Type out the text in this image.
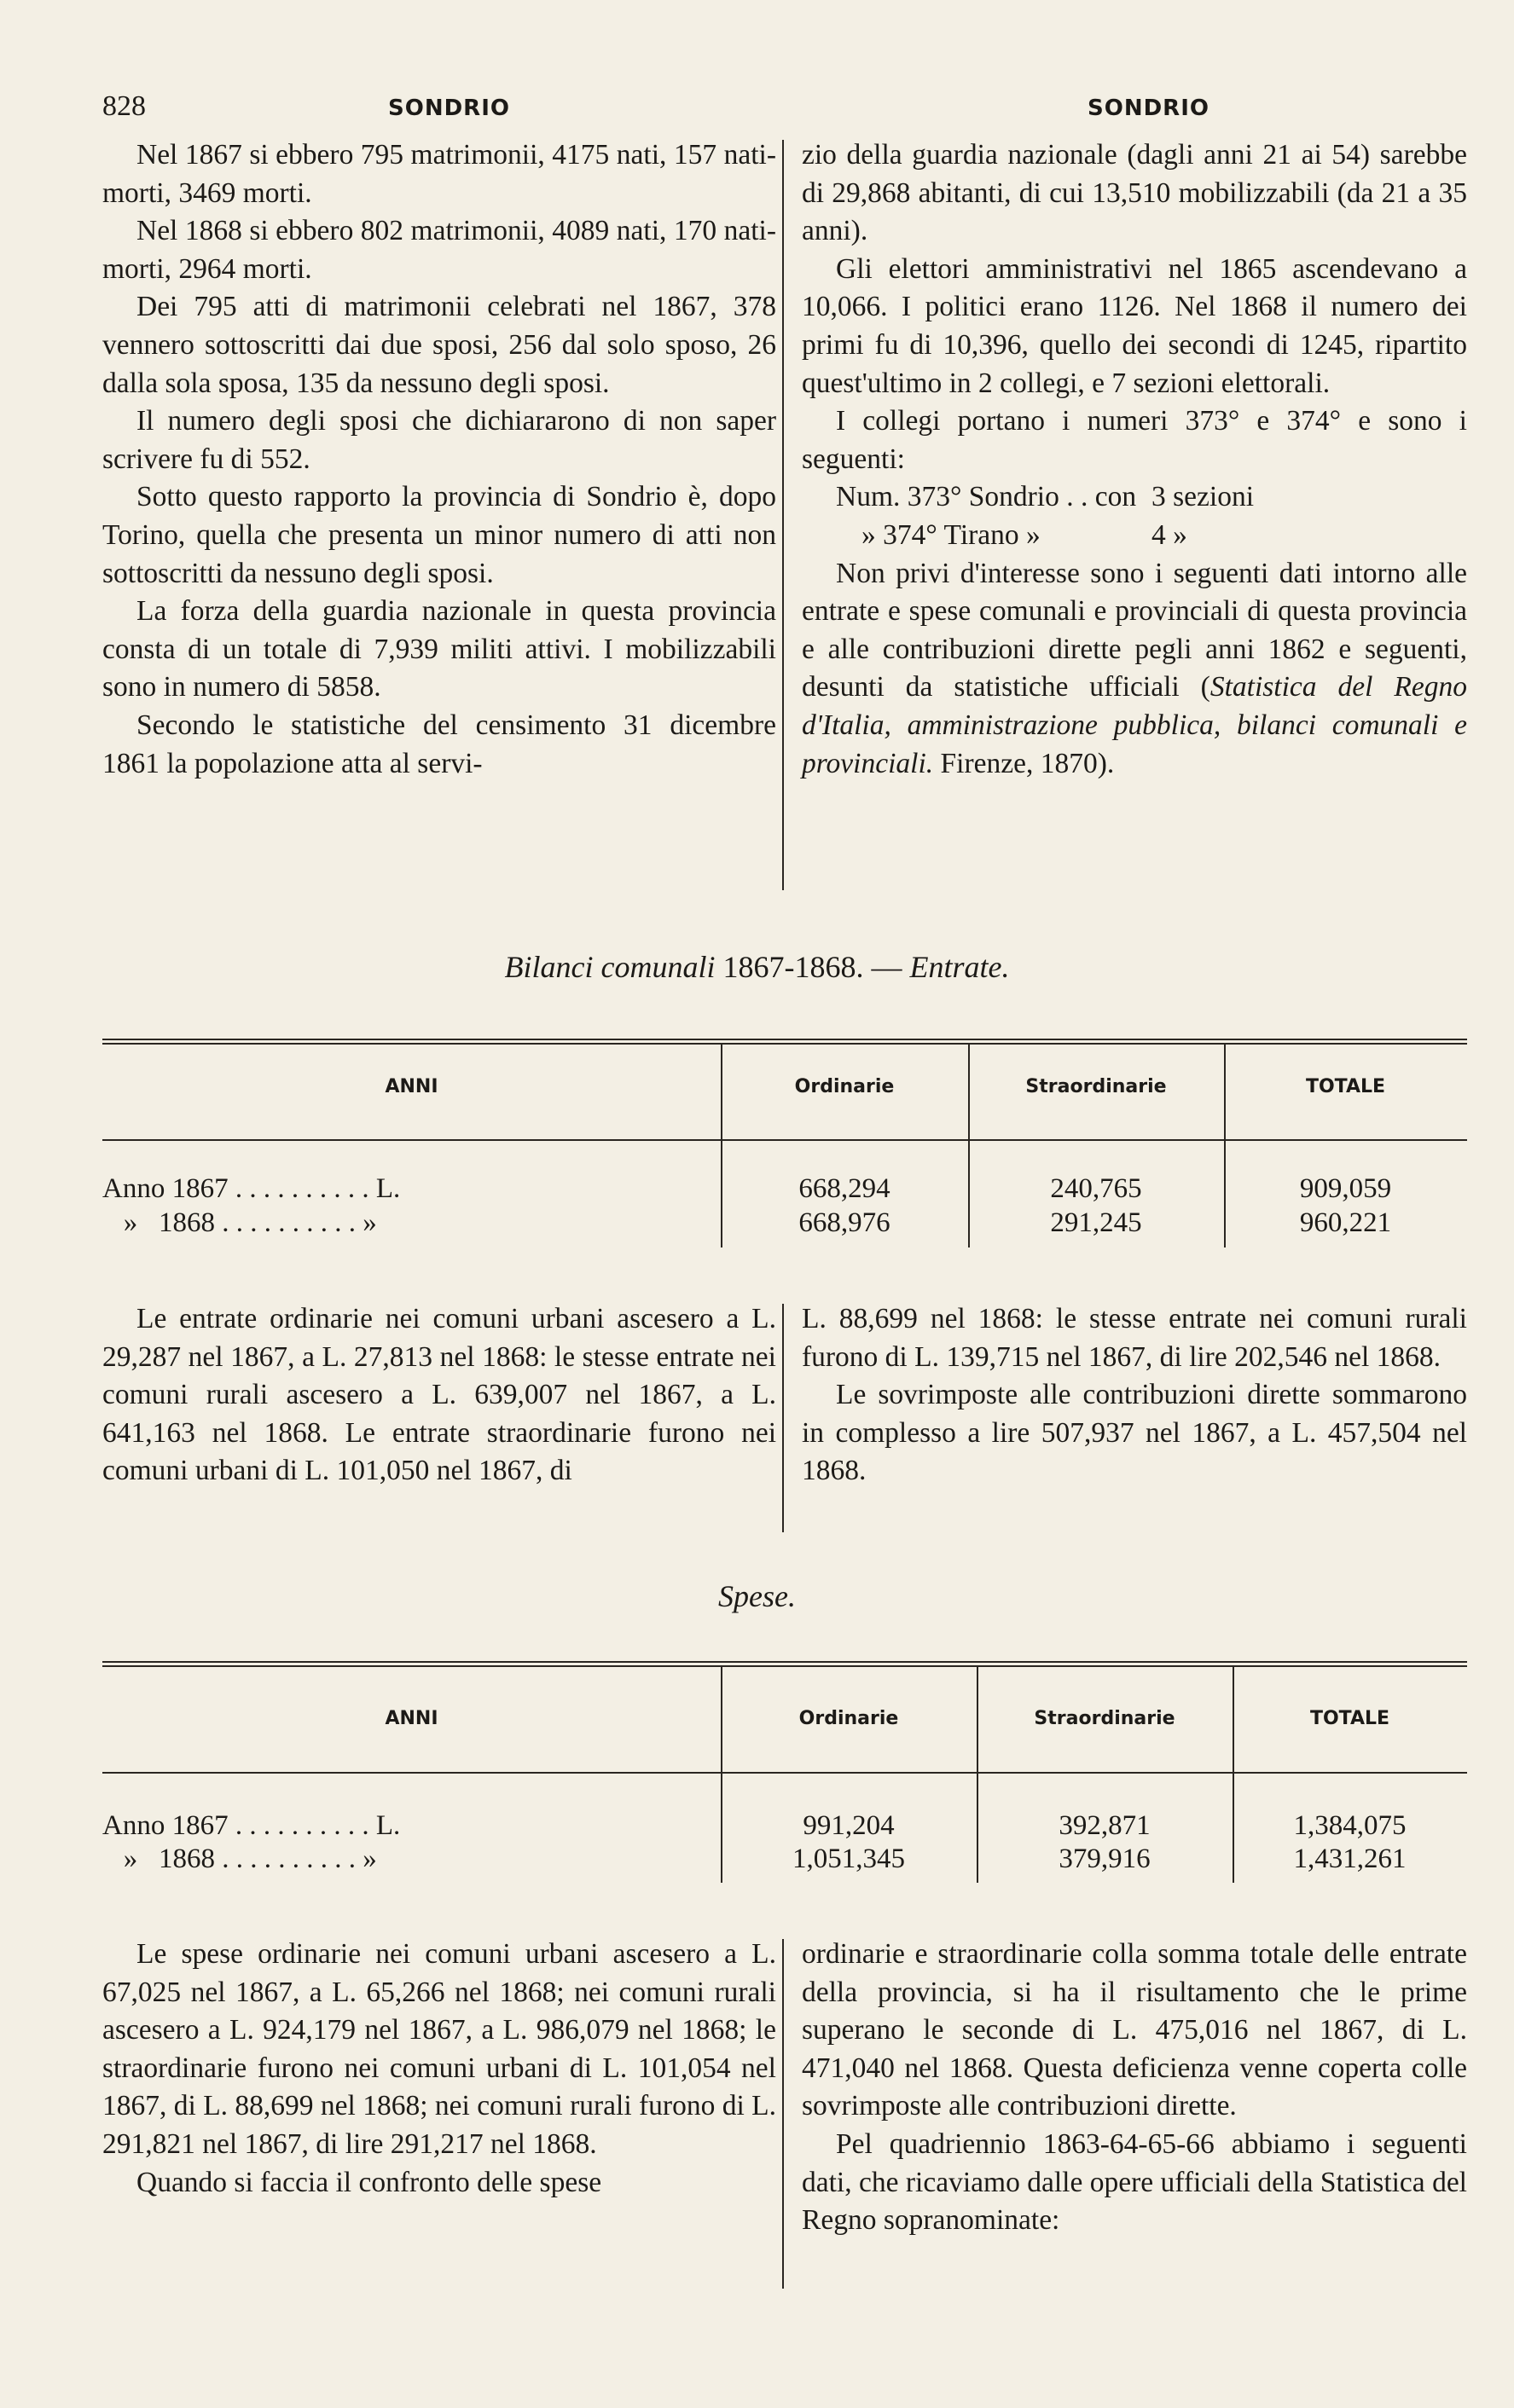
828	SONDRIO	SONDRIO

Nel 1867 si ebbero 795 matrimonii, 4175 nati, 157 nati-morti, 3469 morti.

Nel 1868 si ebbero 802 matrimonii, 4089 nati, 170 nati-morti, 2964 morti.

Dei 795 atti di matrimonii celebrati nel 1867, 378 vennero sottoscritti dai due sposi, 256 dal solo sposo, 26 dalla sola sposa, 135 da nessuno degli sposi.

Il numero degli sposi che dichiararono di non saper scrivere fu di 552.

Sotto questo rapporto la provincia di Sondrio è, dopo Torino, quella che presenta un minor numero di atti non sottoscritti da nessuno degli sposi.

La forza della guardia nazionale in questa provincia consta di un totale di 7,939 militi attivi. I mobilizzabili sono in numero di 5858.

Secondo le statistiche del censimento 31 dicembre 1861 la popolazione atta al servi-

zio della guardia nazionale (dagli anni 21 ai 54) sarebbe di 29,868 abitanti, di cui 13,510 mobilizzabili (da 21 a 35 anni).

Gli elettori amministrativi nel 1865 ascendevano a 10,066. I politici erano 1126. Nel 1868 il numero dei primi fu di 10,396, quello dei secondi di 1245, ripartito quest'ultimo in 2 collegi, e 7 sezioni elettorali.

I collegi portano i numeri 373° e 374° e sono i seguenti:

Num. 373° Sondrio . . con 3 sezioni

» 374° Tirano »	4 »

Non privi d'interesse sono i seguenti dati intorno alle entrate e spese comunali e provinciali di questa provincia e alle contribuzioni dirette pegli anni 1862 e seguenti, desunti da statistiche ufficiali (Statistica del Regno d'Italia, amministrazione pubblica, bilanci comunali e provinciali. Firenze, 1870).

Bilanci comunali 1867-1868. — Entrate.
ANNI	Ordinarie	Straordinarie	TOTALE
Anno 1867 . . . . . . . . . . L.	668,294	240,765	909,059
»   1868 . . . . . . . . . . »	668,976	291,245	960,221

Le entrate ordinarie nei comuni urbani ascesero a L. 29,287 nel 1867, a L. 27,813 nel 1868: le stesse entrate nei comuni rurali ascesero a L. 639,007 nel 1867, a L. 641,163 nel 1868. Le entrate straordinarie furono nei comuni urbani di L. 101,050 nel 1867, di

L. 88,699 nel 1868: le stesse entrate nei comuni rurali furono di L. 139,715 nel 1867, di lire 202,546 nel 1868.

Le sovrimposte alle contribuzioni dirette sommarono in complesso a lire 507,937 nel 1867, a L. 457,504 nel 1868.

Spese.
ANNI	Ordinarie	Straordinarie	TOTALE
Anno 1867 . . . . . . . . . . L.	991,204	392,871	1,384,075
»   1868 . . . . . . . . . . »	1,051,345	379,916	1,431,261

Le spese ordinarie nei comuni urbani ascesero a L. 67,025 nel 1867, a L. 65,266 nel 1868; nei comuni rurali ascesero a L. 924,179 nel 1867, a L. 986,079 nel 1868; le straordinarie furono nei comuni urbani di L. 101,054 nel 1867, di L. 88,699 nel 1868; nei comuni rurali furono di L. 291,821 nel 1867, di lire 291,217 nel 1868.

Quando si faccia il confronto delle spese

ordinarie e straordinarie colla somma totale delle entrate della provincia, si ha il risultamento che le prime superano le seconde di L. 475,016 nel 1867, di L. 471,040 nel 1868. Questa deficienza venne coperta colle sovrimposte alle contribuzioni dirette.

Pel quadriennio 1863-64-65-66 abbiamo i seguenti dati, che ricaviamo dalle opere ufficiali della Statistica del Regno sopranominate:
